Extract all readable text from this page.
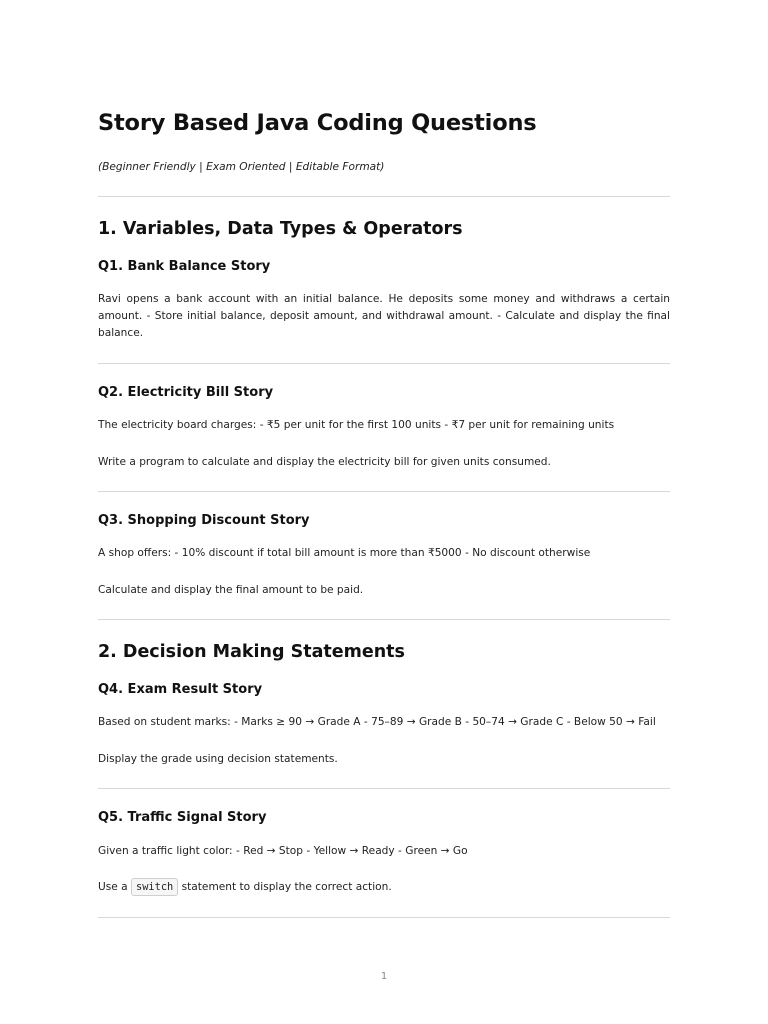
Story Based Java Coding Questions

(Beginner Friendly | Exam Oriented | Editable Format)

1. Variables, Data Types & Operators
Q1. Bank Balance Story

Ravi opens a bank account with an initial balance. He deposits some money and withdraws a certain amount. - Store initial balance, deposit amount, and withdrawal amount. - Calculate and display the final balance.

Q2. Electricity Bill Story

The electricity board charges: - ₹5 per unit for the first 100 units - ₹7 per unit for remaining units

Write a program to calculate and display the electricity bill for given units consumed.

Q3. Shopping Discount Story

A shop offers: - 10% discount if total bill amount is more than ₹5000 - No discount otherwise

Calculate and display the final amount to be paid.

2. Decision Making Statements
Q4. Exam Result Story

Based on student marks: - Marks ≥ 90 → Grade A - 75–89 → Grade B - 50–74 → Grade C - Below 50 → Fail

Display the grade using decision statements.

Q5. Traffic Signal Story

Given a traffic light color: - Red → Stop - Yellow → Ready - Green → Go

Use a switch statement to display the correct action.

1
